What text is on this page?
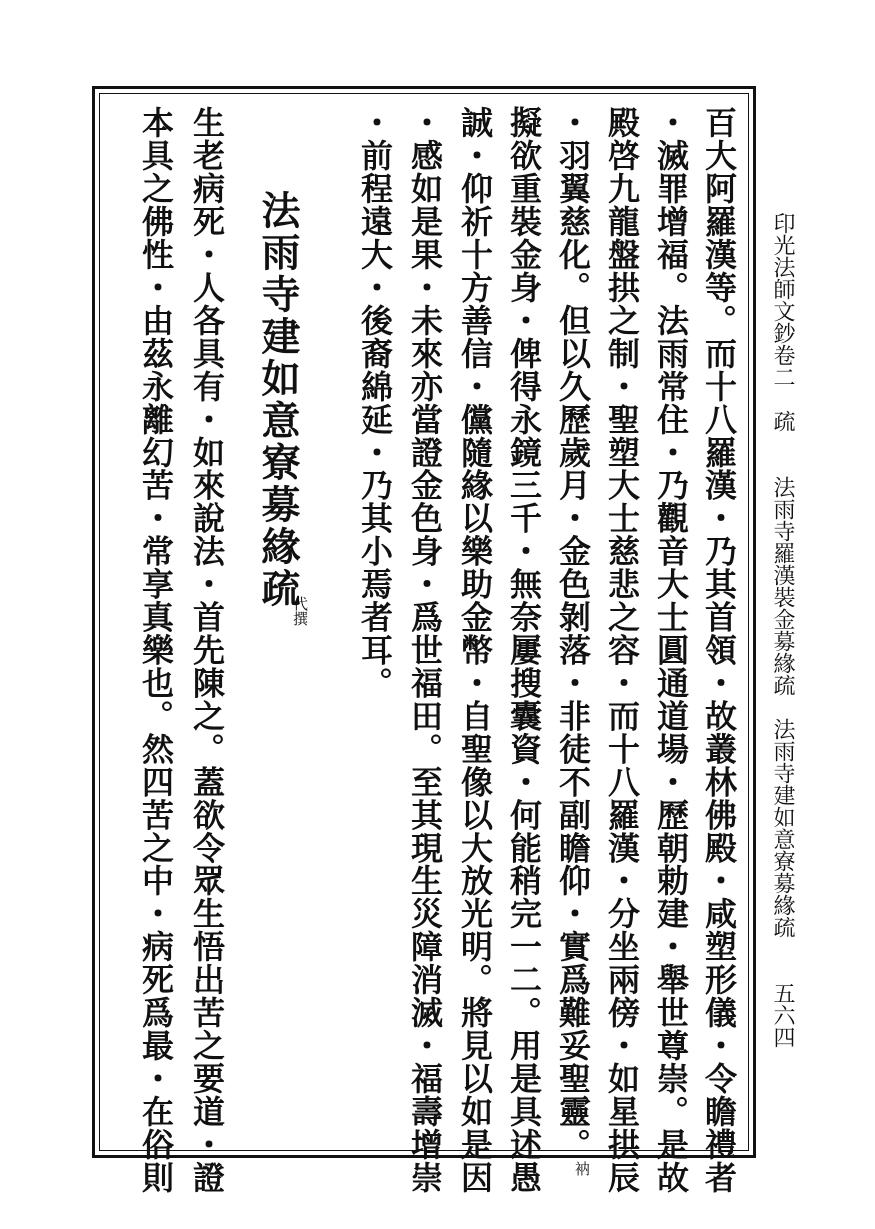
印光法師文鈔卷二疏法雨寺羅漢裝金募緣疏法雨寺建如意寮募緣疏五六四
百大阿羅漢等。而十八羅漢・乃其首領・故叢林佛殿・咸塑形儀・令瞻禮者
・滅罪增福。法雨常住・乃觀音大士圓通道場・歷朝勅建・舉世尊崇。是故
殿啓九龍盤拱之制・聖塑大士慈悲之容・而十八羅漢・分坐兩傍・如星拱辰
・羽翼慈化。但以久歷歲月・金色剝落・非徒不副瞻仰・實爲難妥聖靈。$^衲$
擬欲重裝金身・俾得永鏡三千・無奈屢搜囊資・何能稍完一二。用是具述愚
誠・仰祈十方善信・儻隨緣以樂助金幣・自聖像以大放光明。將見以如是因
・感如是果・未來亦當證金色身・爲世福田。至其現生災障消滅・福壽增崇
・前程遠大・後裔綿延・乃其小焉者耳。
法雨寺建如意寮募緣疏
代撰
生老病死・人各具有・如來說法・首先陳之。蓋欲令眾生悟出苦之要道・證
本具之佛性・由茲永離幻苦・常享真樂也。然四苦之中・病死爲最・在俗則
